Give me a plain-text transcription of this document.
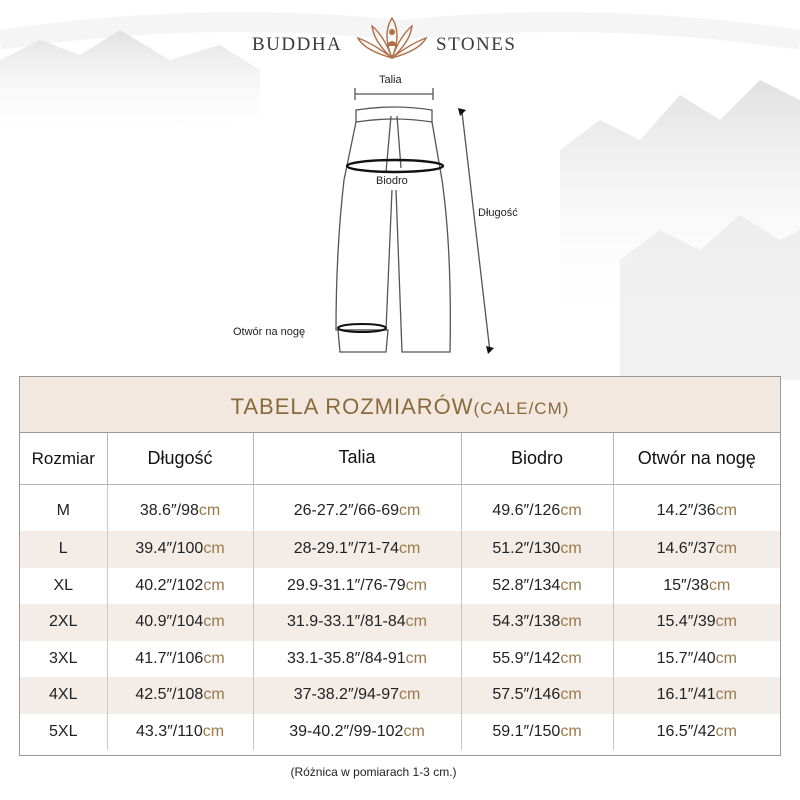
BUDDHA	STONES
Talia
Biodro
Długość
Otwór na nogę
TABELA ROZMIARÓW(CALE/CM)
Rozmiar	Długość	Talia	Biodro	Otwór na nogę
M	38.6″/98cm	26-27.2″/66-69cm	49.6″/126cm	14.2″/36cm
L	39.4″/100cm	28-29.1″/71-74cm	51.2″/130cm	14.6″/37cm
XL	40.2″/102cm	29.9-31.1″/76-79cm	52.8″/134cm	15″/38cm
2XL	40.9″/104cm	31.9-33.1″/81-84cm	54.3″/138cm	15.4″/39cm
3XL	41.7″/106cm	33.1-35.8″/84-91cm	55.9″/142cm	15.7″/40cm
4XL	42.5″/108cm	37-38.2″/94-97cm	57.5″/146cm	16.1″/41cm
5XL	43.3″/110cm	39-40.2″/99-102cm	59.1″/150cm	16.5″/42cm
(Różnica w pomiarach 1-3 cm.)
